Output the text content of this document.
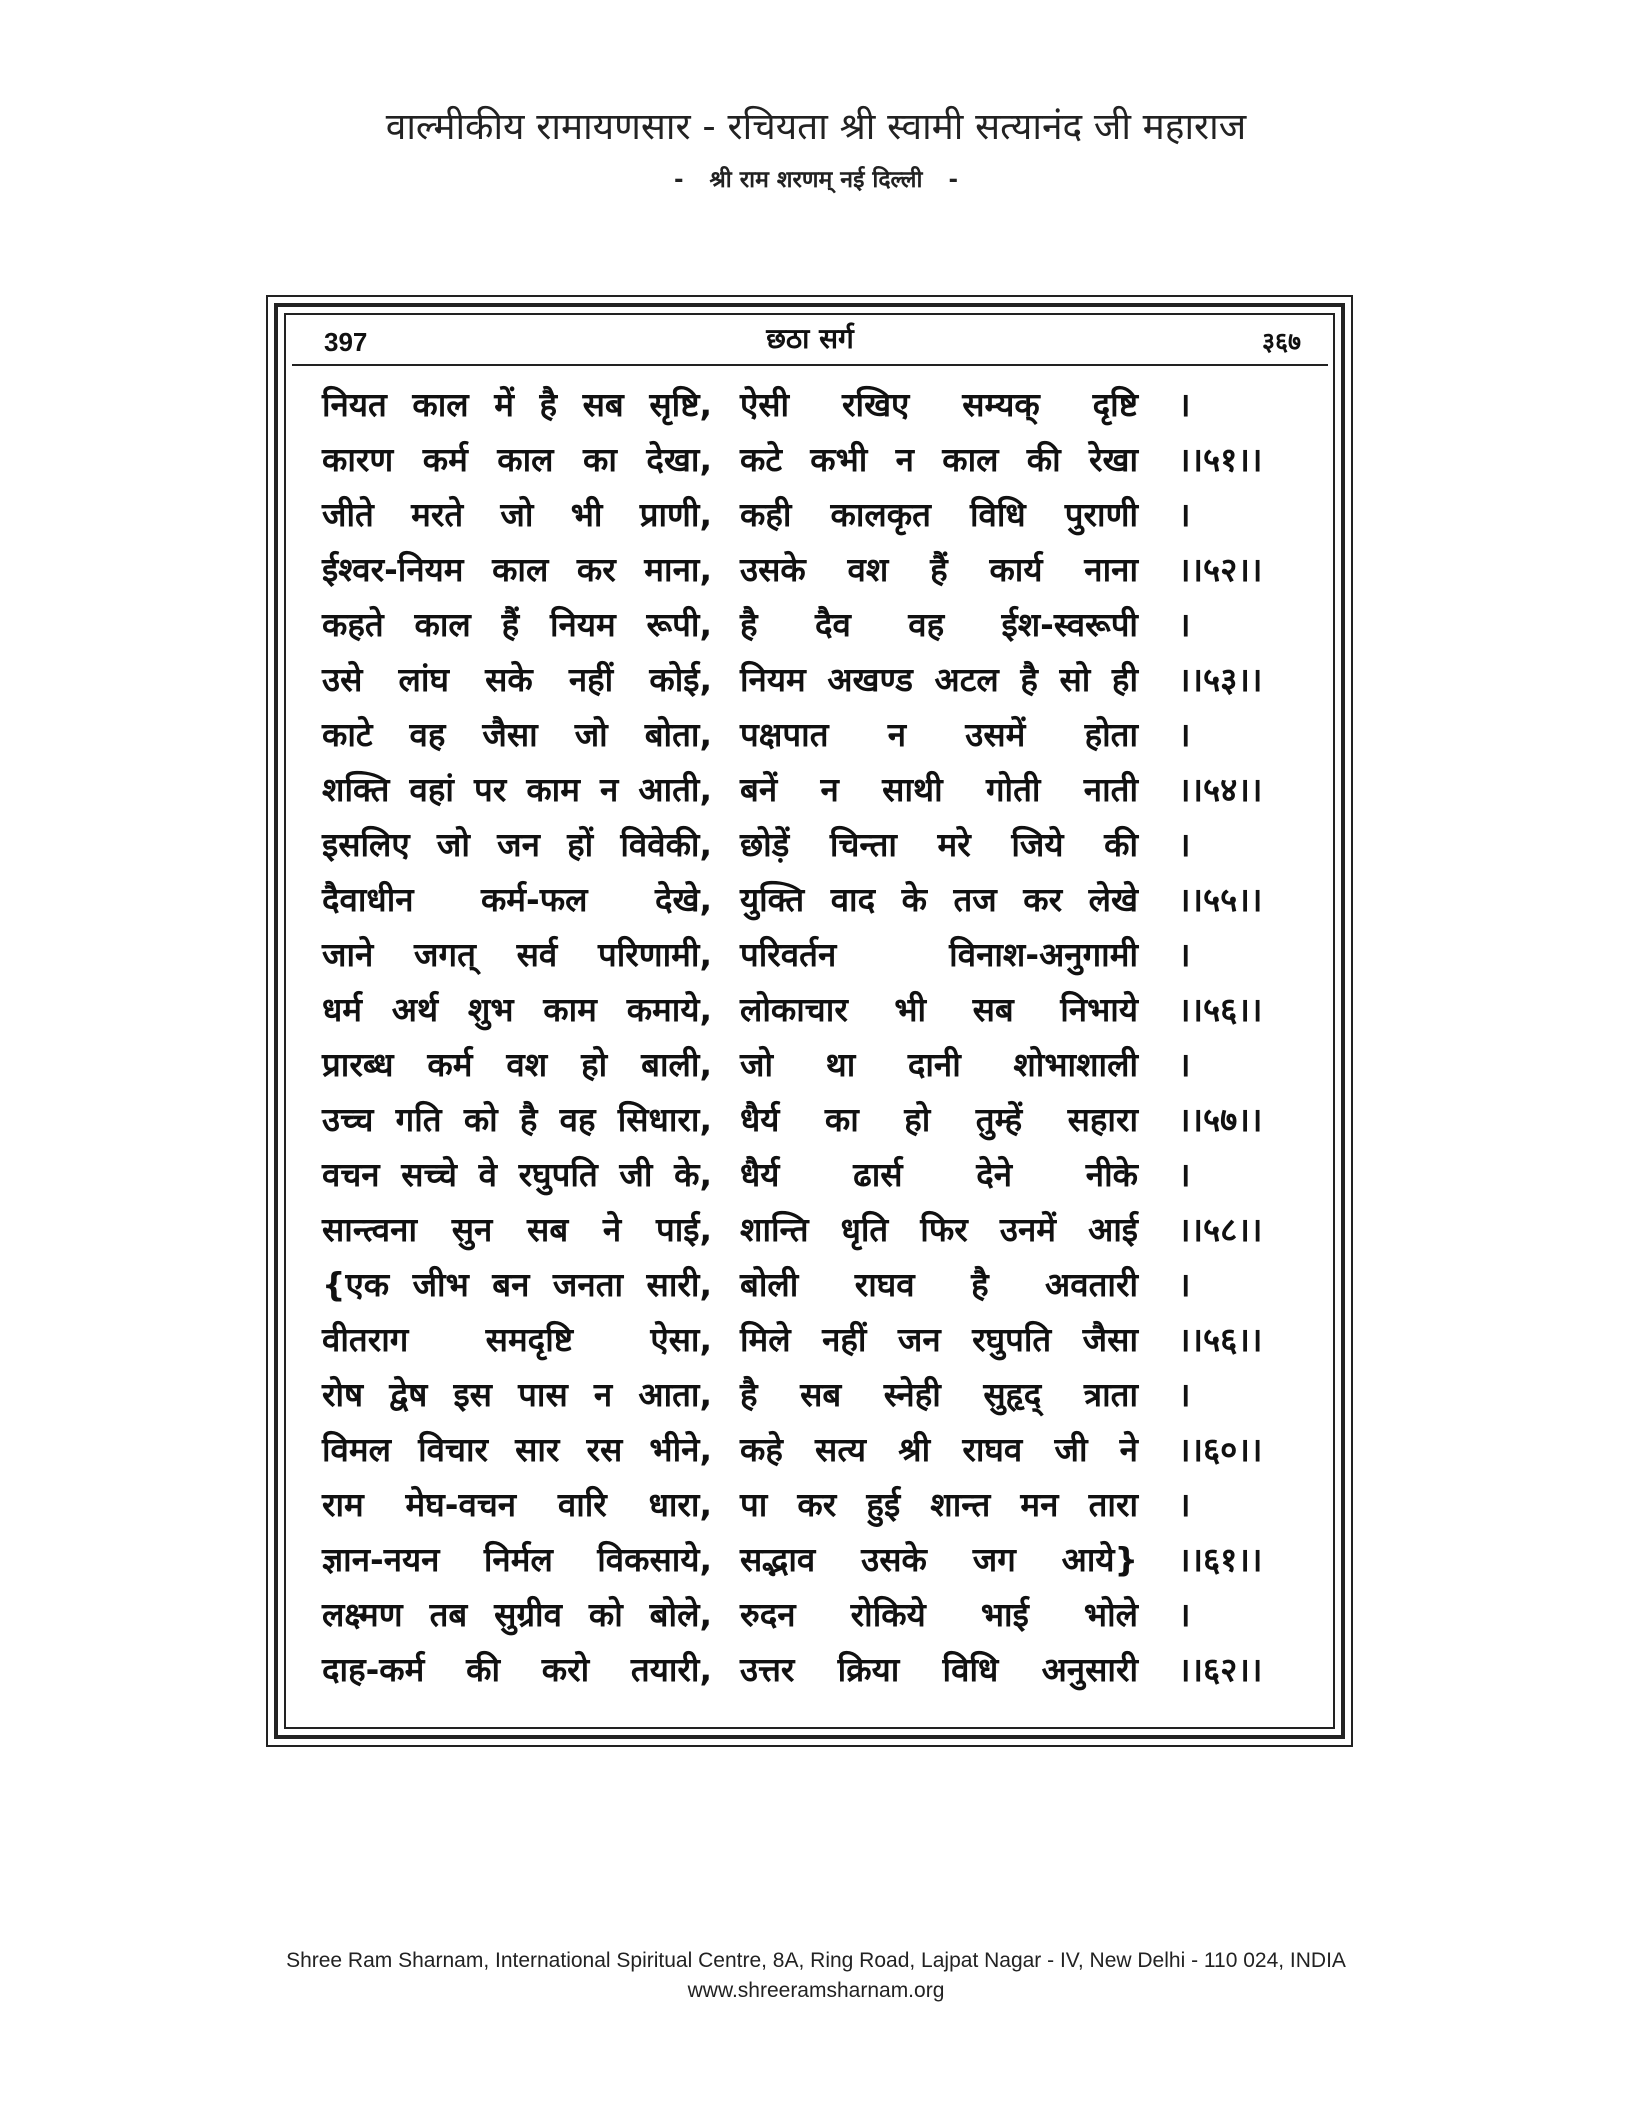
वाल्मीकीय रामायणसार - रचियता श्री स्वामी सत्यानंद जी महाराज
- श्री राम शरणम् नई दिल्ली -
397	छठा सर्ग	३६७
नियत काल में है सब सृष्टि, ऐसी रखिए सम्यक् दृष्टि ।
कारण कर्म काल का देखा, कटे कभी न काल की रेखा ।।५१।।
जीते मरते जो भी प्राणी, कही कालकृत विधि पुराणी ।
ईश्वर-नियम काल कर माना, उसके वश हैं कार्य नाना ।।५२।।
कहते काल हैं नियम रूपी, है दैव वह ईश-स्वरूपी ।
उसे लांघ सके नहीं कोई, नियम अखण्ड अटल है सो ही ।।५३।।
काटे वह जैसा जो बोता, पक्षपात न उसमें होता ।
शक्ति वहां पर काम न आती, बनें न साथी गोती नाती ।।५४।।
इसलिए जो जन हों विवेकी, छोड़ें चिन्ता मरे जिये की ।
दैवाधीन कर्म-फल देखे, युक्ति वाद के तज कर लेखे ।।५५।।
जाने जगत् सर्व परिणामी, परिवर्तन विनाश-अनुगामी ।
धर्म अर्थ शुभ काम कमाये, लोकाचार भी सब निभाये ।।५६।।
प्रारब्ध कर्म वश हो बाली, जो था दानी शोभाशाली ।
उच्च गति को है वह सिधारा, धैर्य का हो तुम्हें सहारा ।।५७।।
वचन सच्चे वे रघुपति जी के, धैर्य ढार्स देने नीके ।
सान्त्वना सुन सब ने पाई, शान्ति धृति फिर उनमें आई ।।५८।।
{एक जीभ बन जनता सारी, बोली राघव है अवतारी ।
वीतराग समदृष्टि ऐसा, मिले नहीं जन रघुपति जैसा ।।५६।।
रोष द्वेष इस पास न आता, है सब स्नेही सुहृद् त्राता ।
विमल विचार सार रस भीने, कहे सत्य श्री राघव जी ने ।।६०।।
राम मेघ-वचन वारि धारा, पा कर हुई शान्त मन तारा ।
ज्ञान-नयन निर्मल विकसाये, सद्भाव उसके जग आये} ।।६१।।
लक्ष्मण तब सुग्रीव को बोले, रुदन रोकिये भाई भोले ।
दाह-कर्म की करो तयारी, उत्तर क्रिया विधि अनुसारी ।।६२।।
Shree Ram Sharnam, International Spiritual Centre, 8A, Ring Road, Lajpat Nagar - IV, New Delhi - 110 024, INDIA
www.shreeramsharnam.org
